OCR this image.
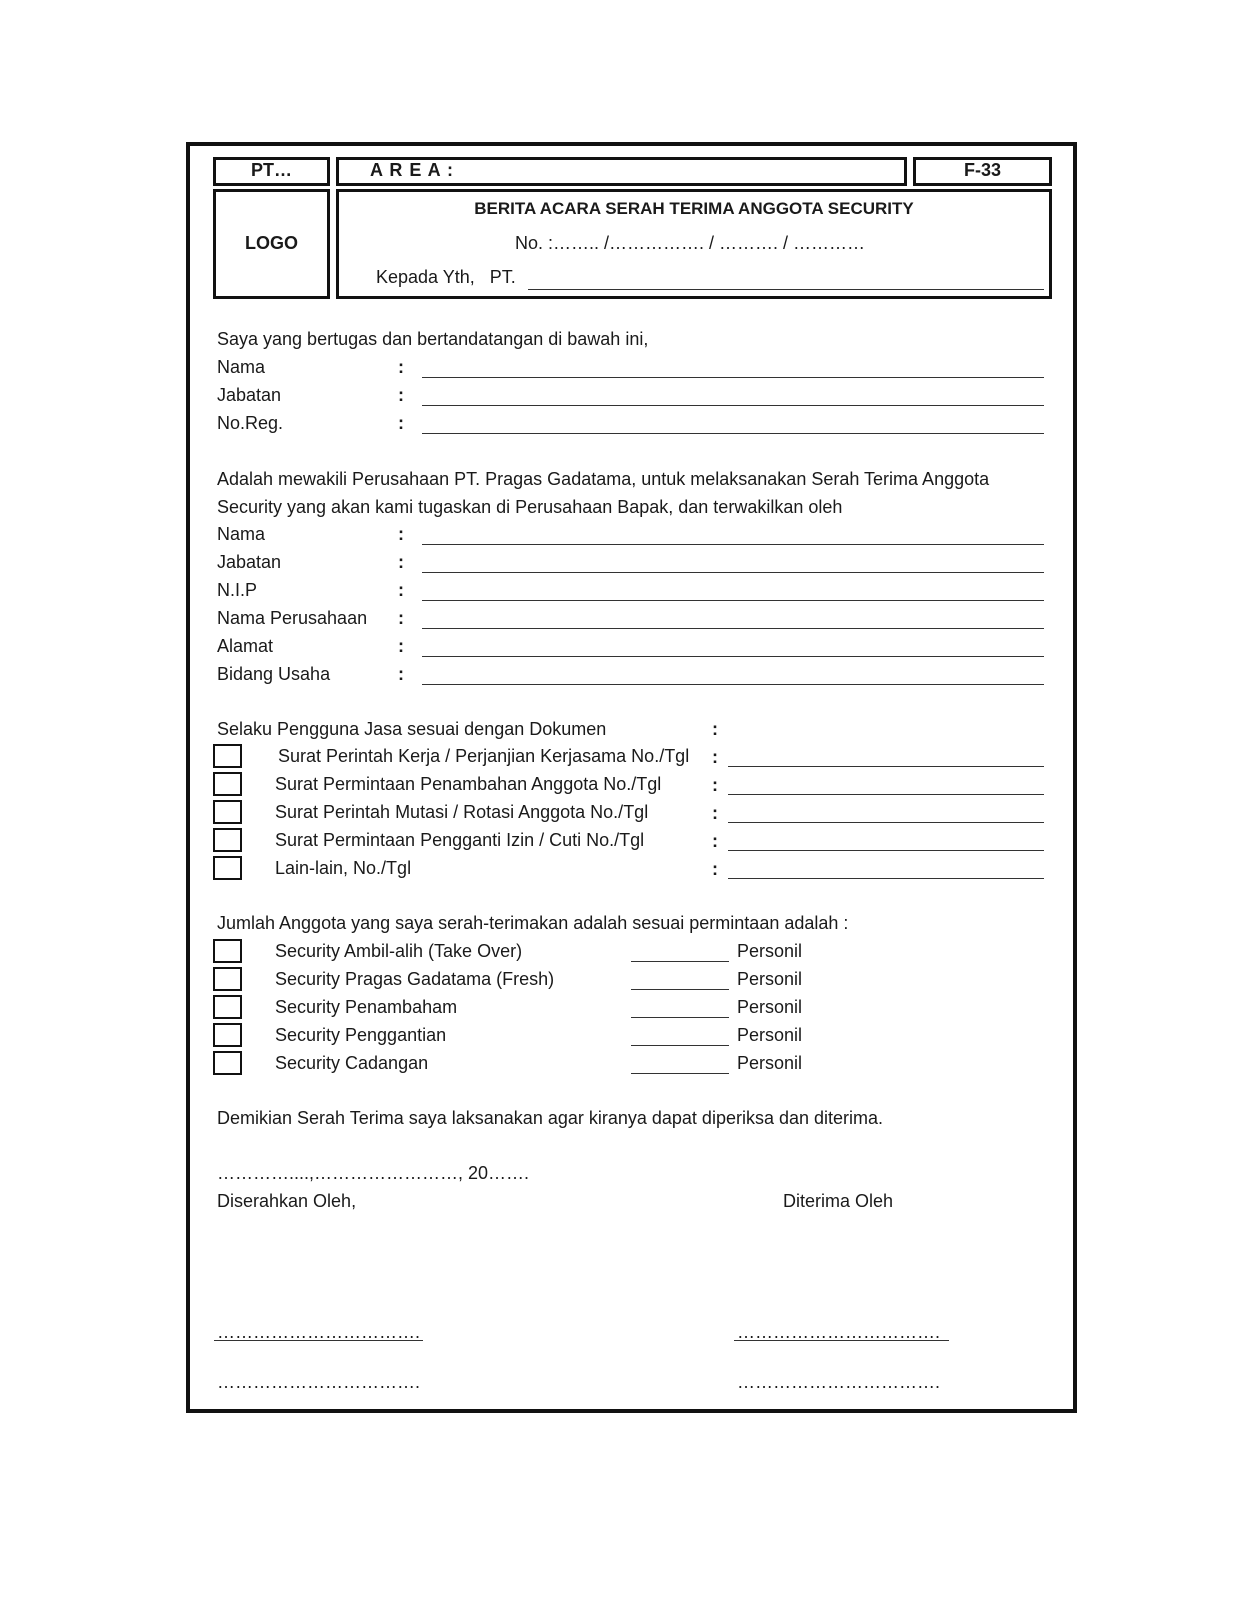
PT…	A R E A :	F-33
LOGO
BERITA ACARA SERAH TERIMA ANGGOTA SECURITY
No. :…….. /……………. / ………. / …………
Kepada Yth,   PT.
Saya yang bertugas dan bertandatangan di bawah ini,
Nama	:
Jabatan	:
No.Reg.	:
Adalah mewakili Perusahaan PT. Pragas Gadatama, untuk melaksanakan Serah Terima Anggota
Security yang akan kami tugaskan di Perusahaan Bapak, dan terwakilkan oleh
Nama	:
Jabatan	:
N.I.P	:
Nama Perusahaan :
Alamat	:
Bidang Usaha	:
Selaku Pengguna Jasa sesuai dengan Dokumen	:
Surat Perintah Kerja / Perjanjian Kerjasama No./Tgl :
Surat Permintaan Penambahan Anggota No./Tgl	:
Surat Perintah Mutasi / Rotasi Anggota No./Tgl	:
Surat Permintaan Pengganti Izin / Cuti No./Tgl	:
Lain-lain, No./Tgl	:
Jumlah Anggota yang saya serah-terimakan adalah sesuai permintaan adalah :
Security Ambil-alih (Take Over)	Personil
Security Pragas Gadatama (Fresh)	Personil
Security Penambaham	Personil
Security Penggantian	Personil
Security Cadangan	Personil
Demikian Serah Terima saya laksanakan agar kiranya dapat diperiksa dan diterima.
…………....,……………………, 20…….
Diserahkan Oleh,	Diterima Oleh
…………………………….	…………………………….
…………………………….	…………………………….
